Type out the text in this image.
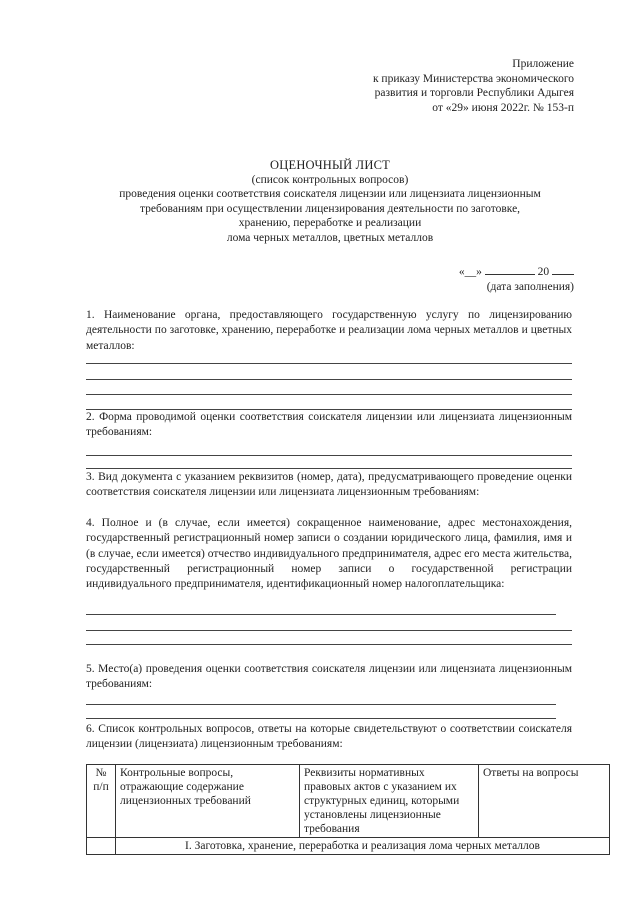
Приложение
к приказу Министерства экономического
развития и торговли Республики Адыгея
от «29» июня 2022г. № 153-п
ОЦЕНОЧНЫЙ ЛИСТ
(список контрольных вопросов)
проведения оценки соответствия соискателя лицензии или лицензиата лицензионным
требованиям при осуществлении лицензирования деятельности по заготовке,
хранению, переработке и реализации
лома черных металлов, цветных металлов
«__»	20
(дата заполнения)

1. Наименование органа, предоставляющего государственную услугу по лицензированию деятельности по заготовке, хранению, переработке и реализации лома черных металлов и цветных металлов:

2. Форма проводимой оценки соответствия соискателя лицензии или лицензиата лицензионным требованиям:

3. Вид документа с указанием реквизитов (номер, дата), предусматривающего проведение оценки соответствия соискателя лицензии или лицензиата лицензионным требованиям:

4. Полное и (в случае, если имеется) сокращенное наименование, адрес местонахождения, государственный регистрационный номер записи о создании юридического лица, фамилия, имя и (в случае, если имеется) отчество индивидуального предпринимателя, адрес его места жительства, государственный регистрационный номер записи о государственной регистрации индивидуального предпринимателя, идентификационный номер налогоплательщика:

5. Место(а) проведения оценки соответствия соискателя лицензии или лицензиата лицензионным требованиям:

6. Список контрольных вопросов, ответы на которые свидетельствуют о соответствии соискателя лицензии (лицензиата) лицензионным требованиям:

№ п/п	Контрольные вопросы, отражающие содержание лицензионных требований	Реквизиты нормативных правовых актов с указанием их структурных единиц, которыми установлены лицензионные требования	Ответы на вопросы
	I. Заготовка, хранение, переработка и реализация лома черных металлов		
